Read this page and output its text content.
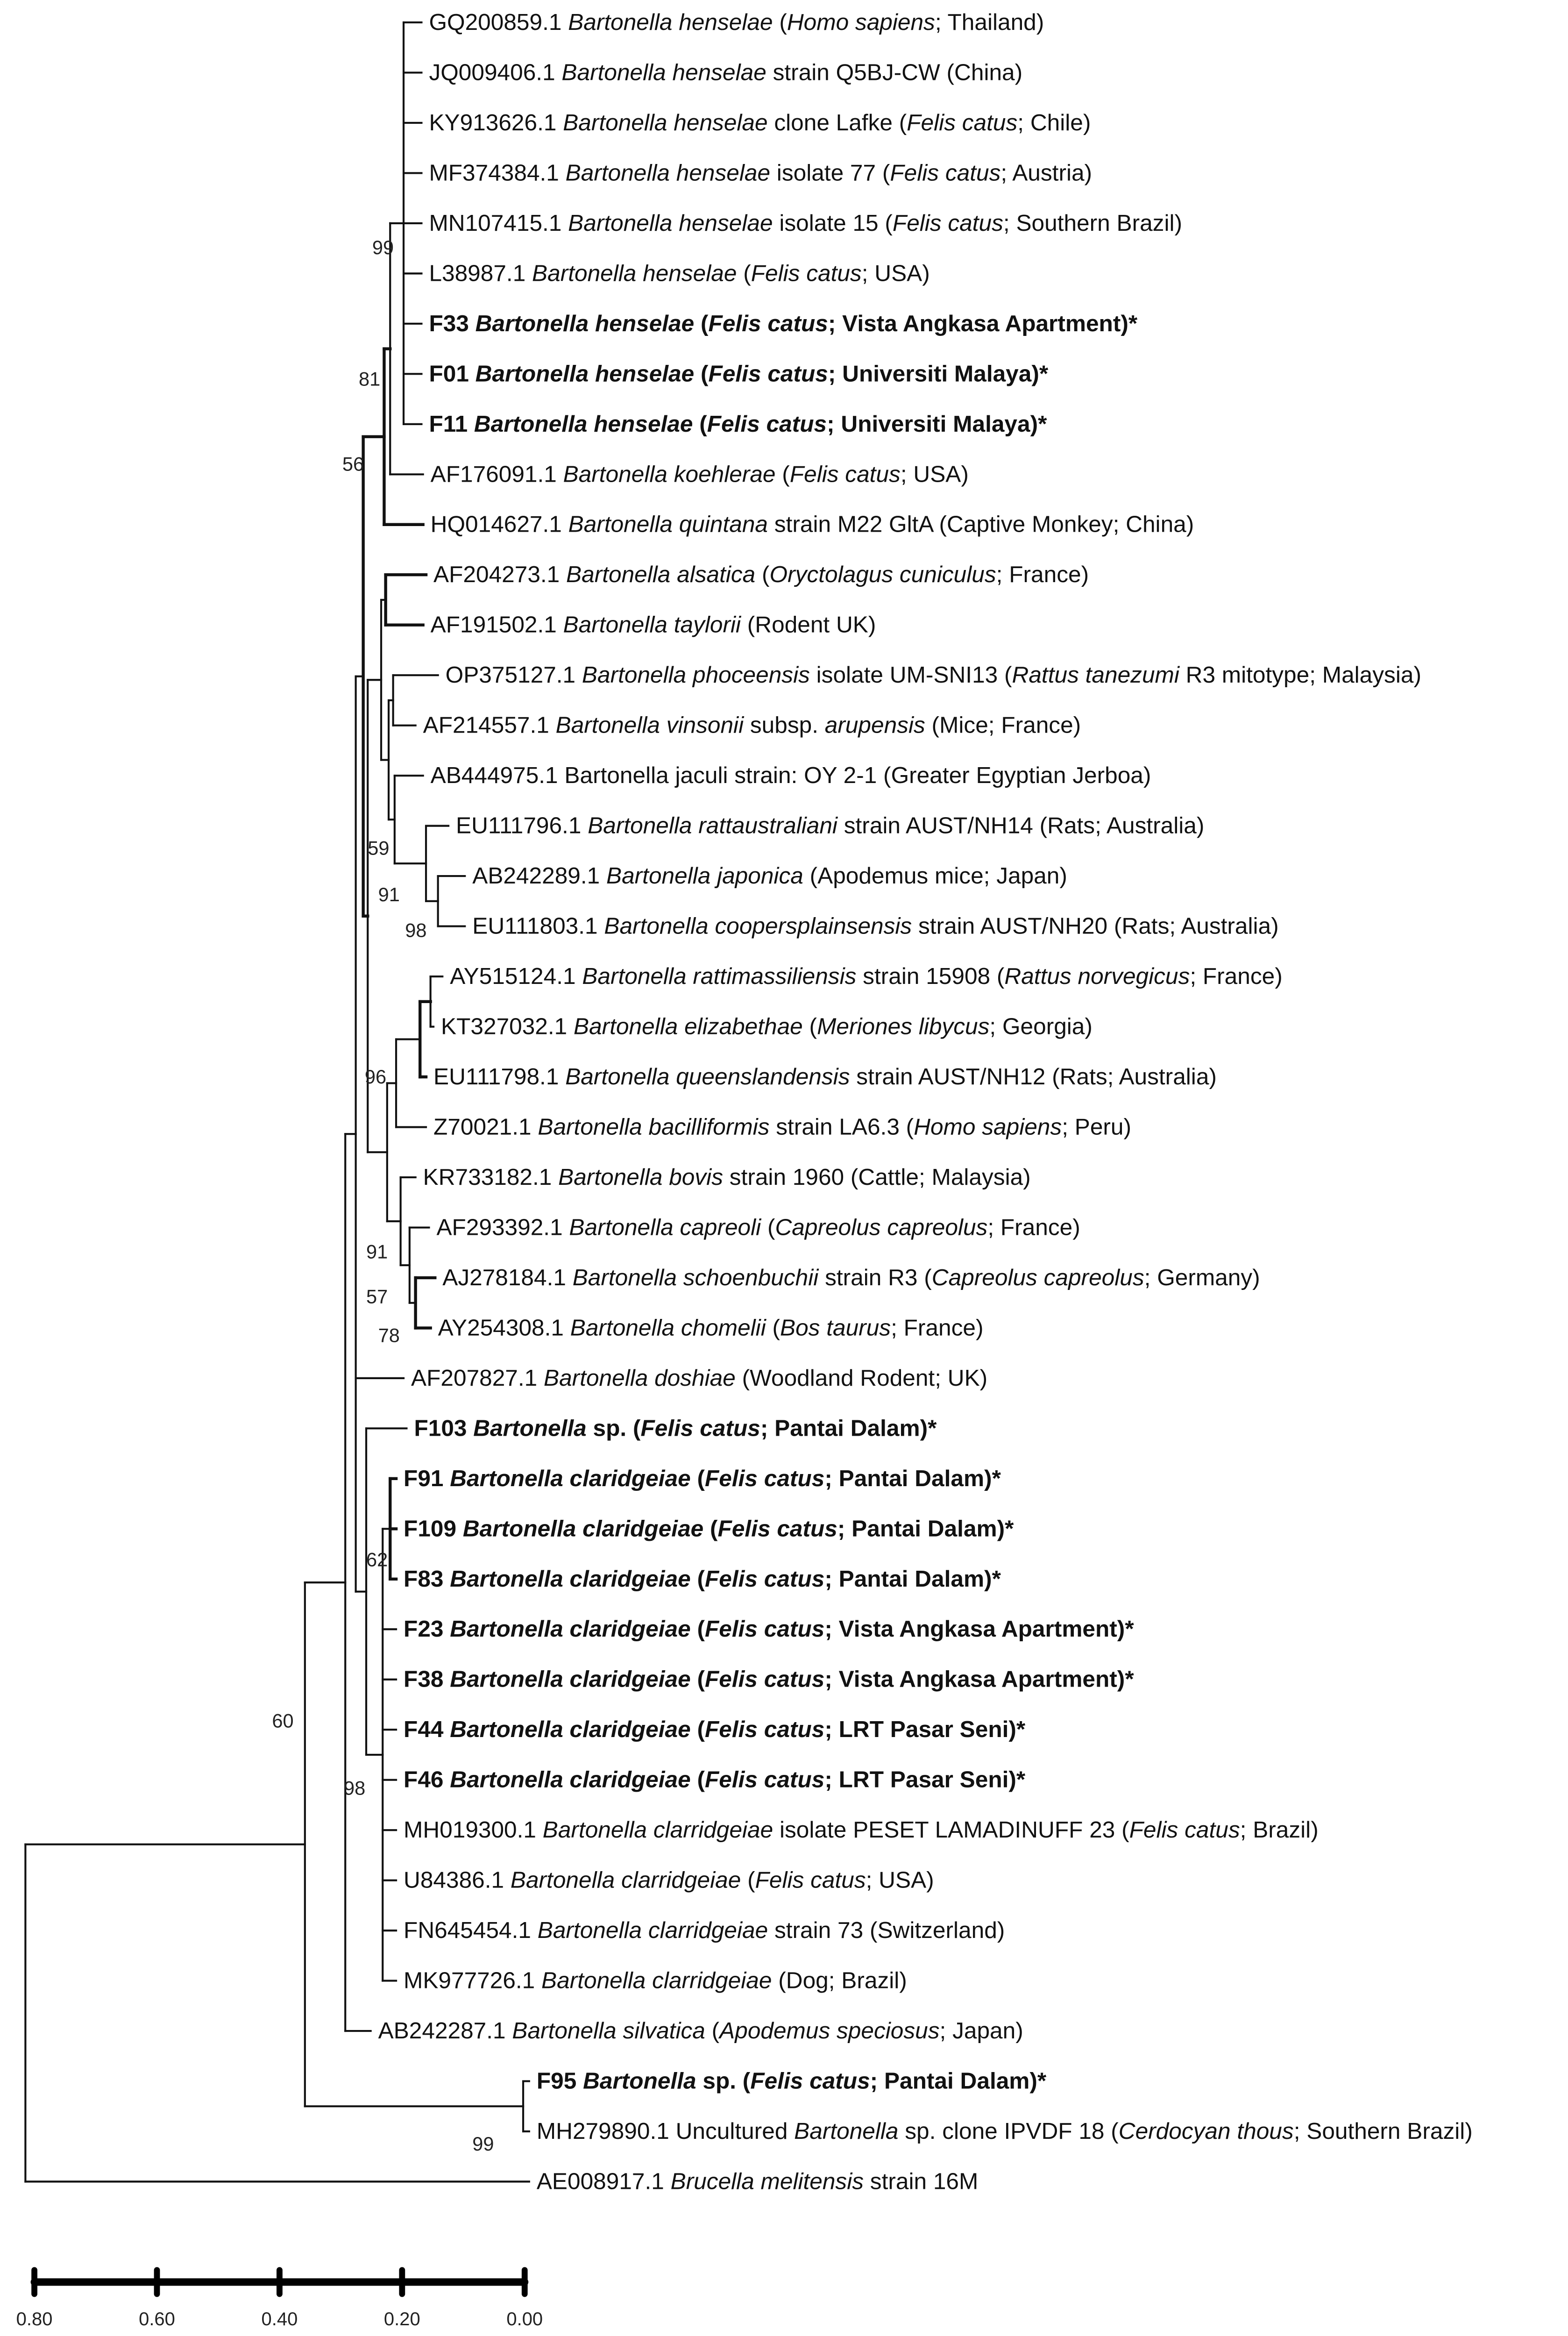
GQ200859.1 Bartonella henselae (Homo sapiens; Thailand)
JQ009406.1 Bartonella henselae strain Q5BJ-CW (China)
KY913626.1 Bartonella henselae clone Lafke (Felis catus; Chile)
MF374384.1 Bartonella henselae isolate 77 (Felis catus; Austria)
MN107415.1 Bartonella henselae isolate 15 (Felis catus; Southern Brazil)
L38987.1 Bartonella henselae (Felis catus; USA)
F33 Bartonella henselae (Felis catus; Vista Angkasa Apartment)*
F01 Bartonella henselae (Felis catus; Universiti Malaya)*
F11 Bartonella henselae (Felis catus; Universiti Malaya)*
AF176091.1 Bartonella koehlerae (Felis catus; USA)
HQ014627.1 Bartonella quintana strain M22 GltA (Captive Monkey; China)
AF204273.1 Bartonella alsatica (Oryctolagus cuniculus; France)
AF191502.1 Bartonella taylorii (Rodent UK)
OP375127.1 Bartonella phoceensis isolate UM-SNI13 (Rattus tanezumi R3 mitotype; Malaysia)
AF214557.1 Bartonella vinsonii subsp. arupensis (Mice; France)
AB444975.1 Bartonella jaculi strain: OY 2-1 (Greater Egyptian Jerboa)
EU111796.1 Bartonella rattaustraliani strain AUST/NH14 (Rats; Australia)
AB242289.1 Bartonella japonica (Apodemus mice; Japan)
EU111803.1 Bartonella coopersplainsensis strain AUST/NH20 (Rats; Australia)
AY515124.1 Bartonella rattimassiliensis strain 15908 (Rattus norvegicus; France)
KT327032.1 Bartonella elizabethae (Meriones libycus; Georgia)
EU111798.1 Bartonella queenslandensis strain AUST/NH12 (Rats; Australia)
Z70021.1 Bartonella bacilliformis strain LA6.3 (Homo sapiens; Peru)
KR733182.1 Bartonella bovis strain 1960 (Cattle; Malaysia)
AF293392.1 Bartonella capreoli (Capreolus capreolus; France)
AJ278184.1 Bartonella schoenbuchii strain R3 (Capreolus capreolus; Germany)
AY254308.1 Bartonella chomelii (Bos taurus; France)
AF207827.1 Bartonella doshiae (Woodland Rodent; UK)
F103 Bartonella sp. (Felis catus; Pantai Dalam)*
F91 Bartonella claridgeiae (Felis catus; Pantai Dalam)*
F109 Bartonella claridgeiae (Felis catus; Pantai Dalam)*
F83 Bartonella claridgeiae (Felis catus; Pantai Dalam)*
F23 Bartonella claridgeiae (Felis catus; Vista Angkasa Apartment)*
F38 Bartonella claridgeiae (Felis catus; Vista Angkasa Apartment)*
F44 Bartonella claridgeiae (Felis catus; LRT Pasar Seni)*
F46 Bartonella claridgeiae (Felis catus; LRT Pasar Seni)*
MH019300.1 Bartonella clarridgeiae isolate PESET LAMADINUFF 23 (Felis catus; Brazil)
U84386.1 Bartonella clarridgeiae (Felis catus; USA)
FN645454.1 Bartonella clarridgeiae strain 73 (Switzerland)
MK977726.1 Bartonella clarridgeiae (Dog; Brazil)
AB242287.1 Bartonella silvatica (Apodemus speciosus; Japan)
F95 Bartonella sp. (Felis catus; Pantai Dalam)*
MH279890.1 Uncultured Bartonella sp. clone IPVDF 18 (Cerdocyan thous; Southern Brazil)
AE008917.1 Brucella melitensis strain 16M
99
81
56
59
91
98
96
91
57
78
62
98
60
99
0.80	0.60	0.40	0.20	0.00
